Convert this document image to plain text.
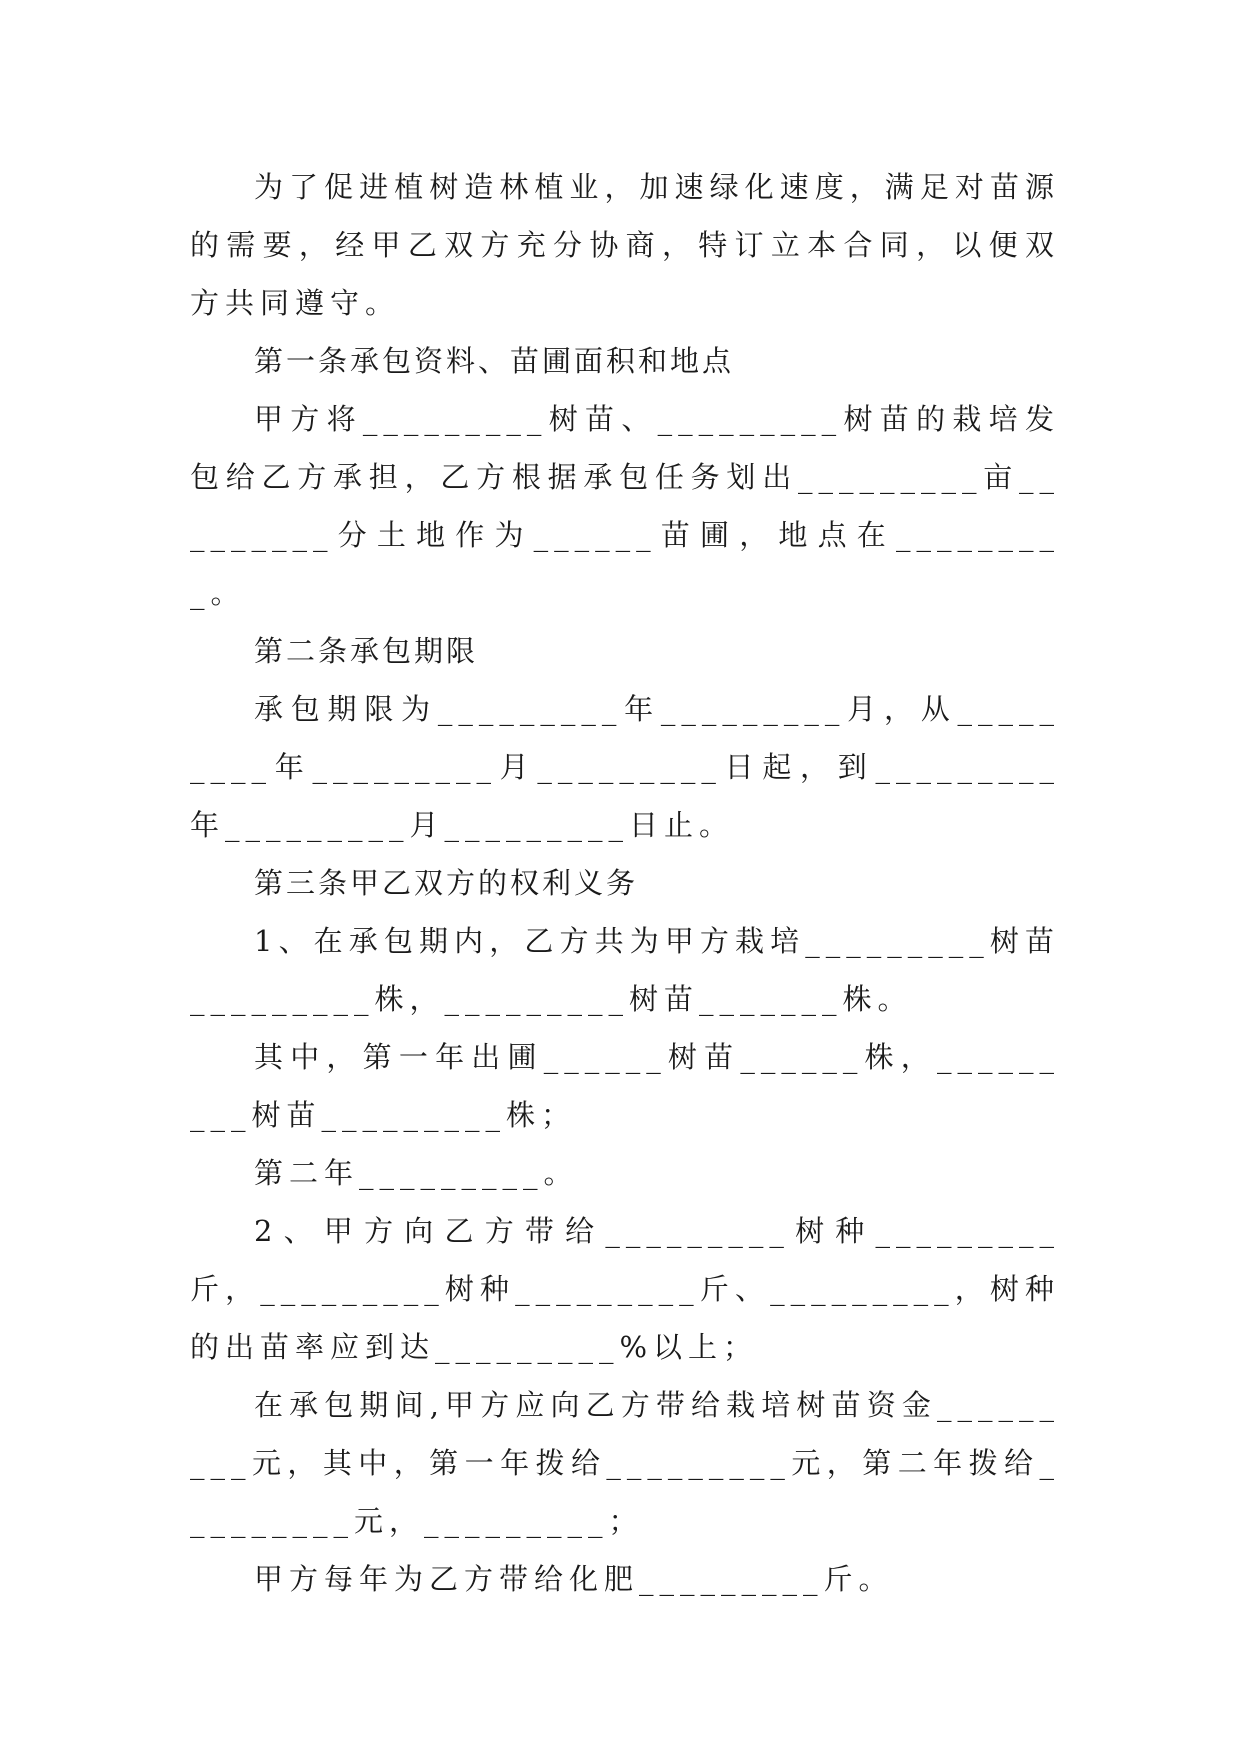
为了促进植树造林植业，加速绿化速度，满足对苗源的需要，经甲乙双方充分协商，特订立本合同，以便双方共同遵守。

第一条承包资料、苗圃面积和地点

甲方将_________树苗、_________树苗的栽培发包给乙方承担，乙方根据承包任务划出_________亩_________分土地作为______苗圃，地点在_________。

第二条承包期限

承包期限为_________年_________月，从_________年_________月_________日起，到_________年_________月_________日止。

第三条甲乙双方的权利义务

1、在承包期内，乙方共为甲方栽培_________树苗_________株，_________树苗_______株。

其中，第一年出圃______树苗______株，_________树苗_________株；

第二年_________。

2、甲方向乙方带给_________树种_________斤，_________树种_________斤、_________，树种的出苗率应到达_________%以上；

在承包期间,甲方应向乙方带给栽培树苗资金_________元，其中，第一年拨给_________元，第二年拨给_________元，_________；

甲方每年为乙方带给化肥_________斤。
